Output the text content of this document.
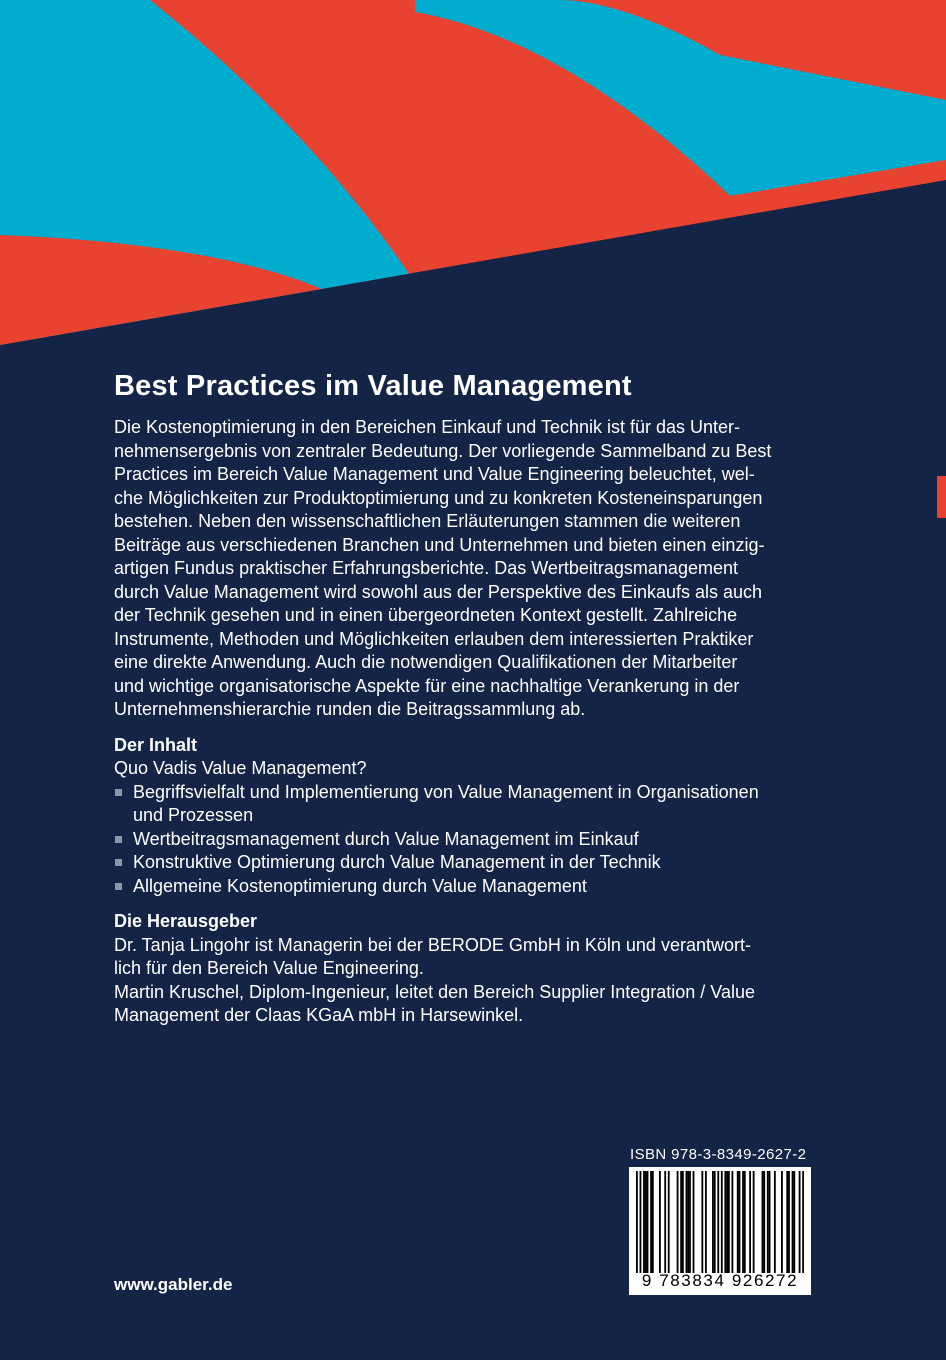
Best Practices im Value Management

Die Kostenoptimierung in den Bereichen Einkauf und Technik ist für das Unter-

nehmensergebnis von zentraler Bedeutung. Der vorliegende Sammelband zu Best

Practices im Bereich Value Management und Value Engineering beleuchtet, wel-

che Möglichkeiten zur Produktoptimierung und zu konkreten Kosteneinsparungen

bestehen. Neben den wissenschaftlichen Erläuterungen stammen die weiteren

Beiträge aus verschiedenen Branchen und Unternehmen und bieten einen einzig-

artigen Fundus praktischer Erfahrungsberichte. Das Wertbeitragsmanagement

durch Value Management wird sowohl aus der Perspektive des Einkaufs als auch

der Technik gesehen und in einen übergeordneten Kontext gestellt. Zahlreiche

Instrumente, Methoden und Möglichkeiten erlauben dem interessierten Praktiker

eine direkte Anwendung. Auch die notwendigen Qualifikationen der Mitarbeiter

und wichtige organisatorische Aspekte für eine nachhaltige Verankerung in der

Unternehmenshierarchie runden die Beitragssammlung ab.

Der Inhalt

Quo Vadis Value Management?

Begriffsvielfalt und Implementierung von Value Management in Organisationen
und Prozessen
Wertbeitragsmanagement durch Value Management im Einkauf
Konstruktive Optimierung durch Value Management in der Technik
Allgemeine Kostenoptimierung durch Value Management

Die Herausgeber

Dr. Tanja Lingohr ist Managerin bei der BERODE GmbH in Köln und verantwort-

lich für den Bereich Value Engineering.

Martin Kruschel, Diplom-Ingenieur, leitet den Bereich Supplier Integration / Value

Management der Claas KGaA mbH in Harsewinkel.

ISBN 978-3-8349-2627-2
9 783834 926272
www.gabler.de
